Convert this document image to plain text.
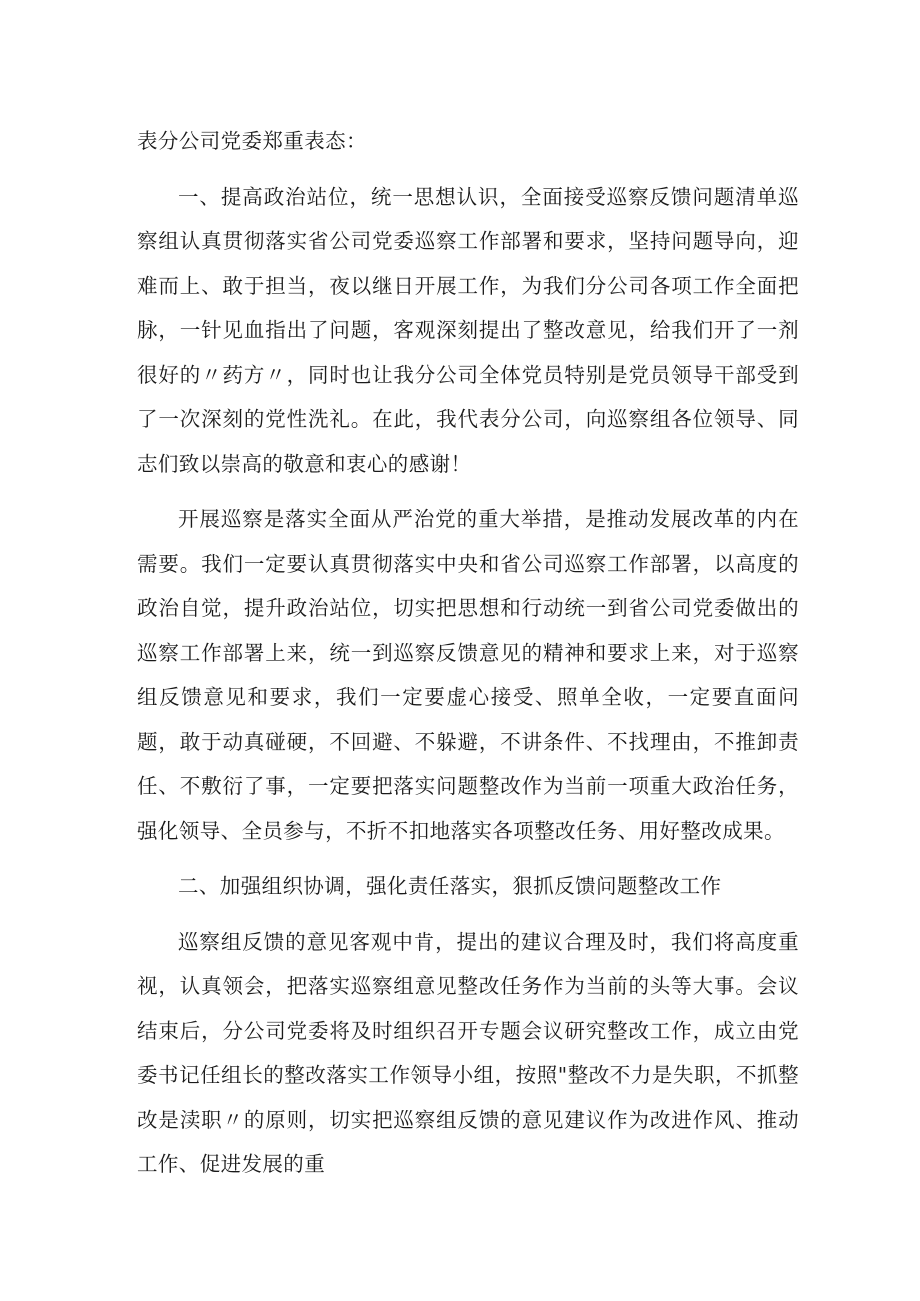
表分公司党委郑重表态：

一、提高政治站位，统一思想认识，全面接受巡察反馈问题清单巡察组认真贯彻落实省公司党委巡察工作部署和要求，坚持问题导向，迎难而上、敢于担当，夜以继日开展工作，为我们分公司各项工作全面把脉，一针见血指出了问题，客观深刻提出了整改意见，给我们开了一剂很好的〃药方〃，同时也让我分公司全体党员特别是党员领导干部受到了一次深刻的党性洗礼。在此，我代表分公司，向巡察组各位领导、同志们致以崇高的敬意和衷心的感谢！

开展巡察是落实全面从严治党的重大举措，是推动发展改革的内在需要。我们一定要认真贯彻落实中央和省公司巡察工作部署，以高度的政治自觉，提升政治站位，切实把思想和行动统一到省公司党委做出的巡察工作部署上来，统一到巡察反馈意见的精神和要求上来，对于巡察组反馈意见和要求，我们一定要虚心接受、照单全收，一定要直面问题，敢于动真碰硬，不回避、不躲避，不讲条件、不找理由，不推卸责任、不敷衍了事，一定要把落实问题整改作为当前一项重大政治任务，强化领导、全员参与，不折不扣地落实各项整改任务、用好整改成果。

二、加强组织协调，强化责任落实，狠抓反馈问题整改工作

巡察组反馈的意见客观中肯，提出的建议合理及时，我们将高度重视，认真领会，把落实巡察组意见整改任务作为当前的头等大事。会议结束后，分公司党委将及时组织召开专题会议研究整改工作，成立由党委书记任组长的整改落实工作领导小组，按照"整改不力是失职，不抓整改是渎职〃的原则，切实把巡察组反馈的意见建议作为改进作风、推动工作、促进发展的重
